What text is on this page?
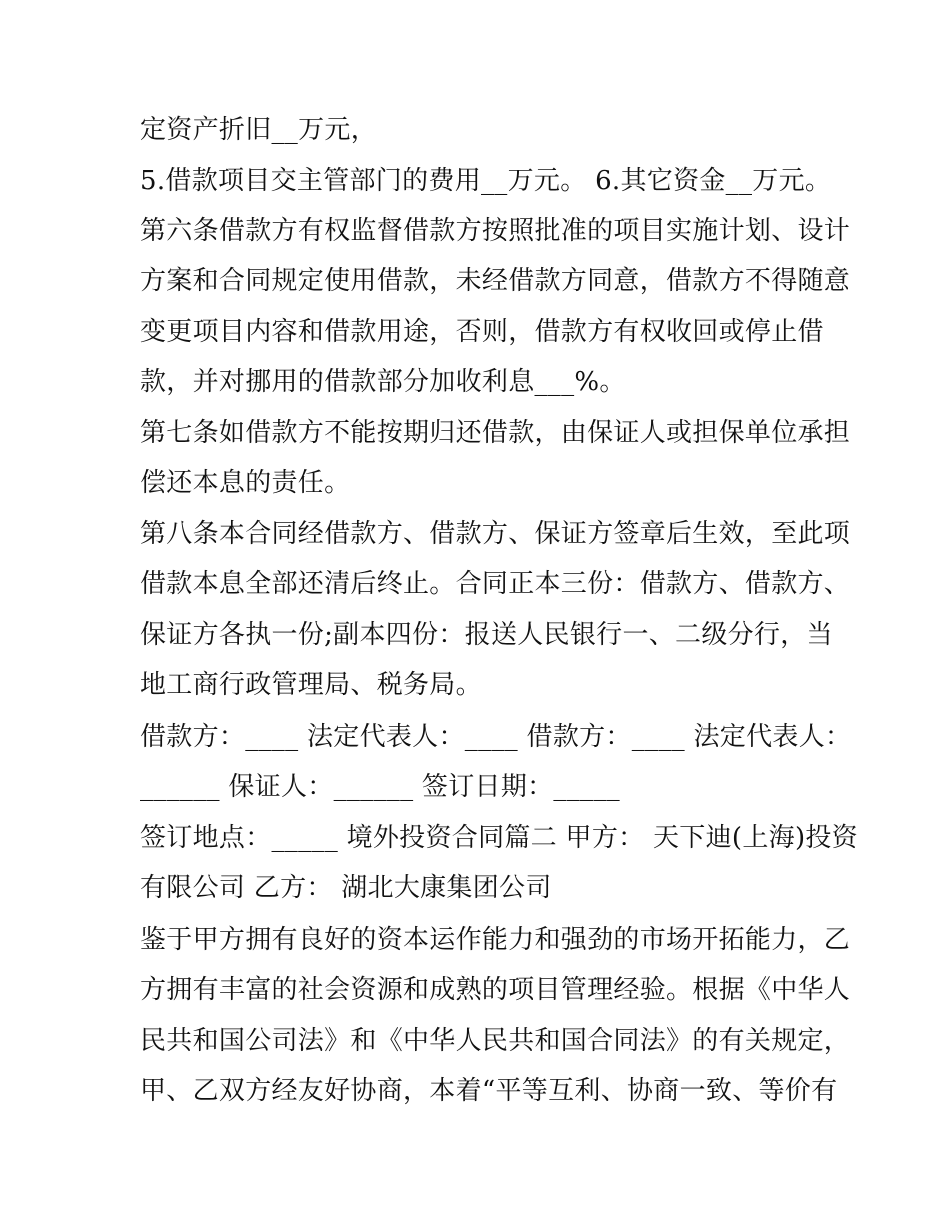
定资产折旧__万元，
5.借款项目交主管部门的费用__万元。 6.其它资金__万元。
第六条借款方有权监督借款方按照批准的项目实施计划、设计
方案和合同规定使用借款，未经借款方同意，借款方不得随意
变更项目内容和借款用途，否则，借款方有权收回或停止借
款，并对挪用的借款部分加收利息___%。
第七条如借款方不能按期归还借款，由保证人或担保单位承担
偿还本息的责任。
第八条本合同经借款方、借款方、保证方签章后生效，至此项
借款本息全部还清后终止。合同正本三份：借款方、借款方、
保证方各执一份;副本四份：报送人民银行一、二级分行，当
地工商行政管理局、税务局。
借款方：____ 法定代表人：____ 借款方：____ 法定代表人：
______ 保证人：______ 签订日期：_____
签订地点：_____ 境外投资合同篇二 甲方： 天下迪(上海)投资
有限公司 乙方： 湖北大康集团公司
鉴于甲方拥有良好的资本运作能力和强劲的市场开拓能力，乙
方拥有丰富的社会资源和成熟的项目管理经验。根据《中华人
民共和国公司法》和《中华人民共和国合同法》的有关规定，
甲、乙双方经友好协商，本着“平等互利、协商一致、等价有
